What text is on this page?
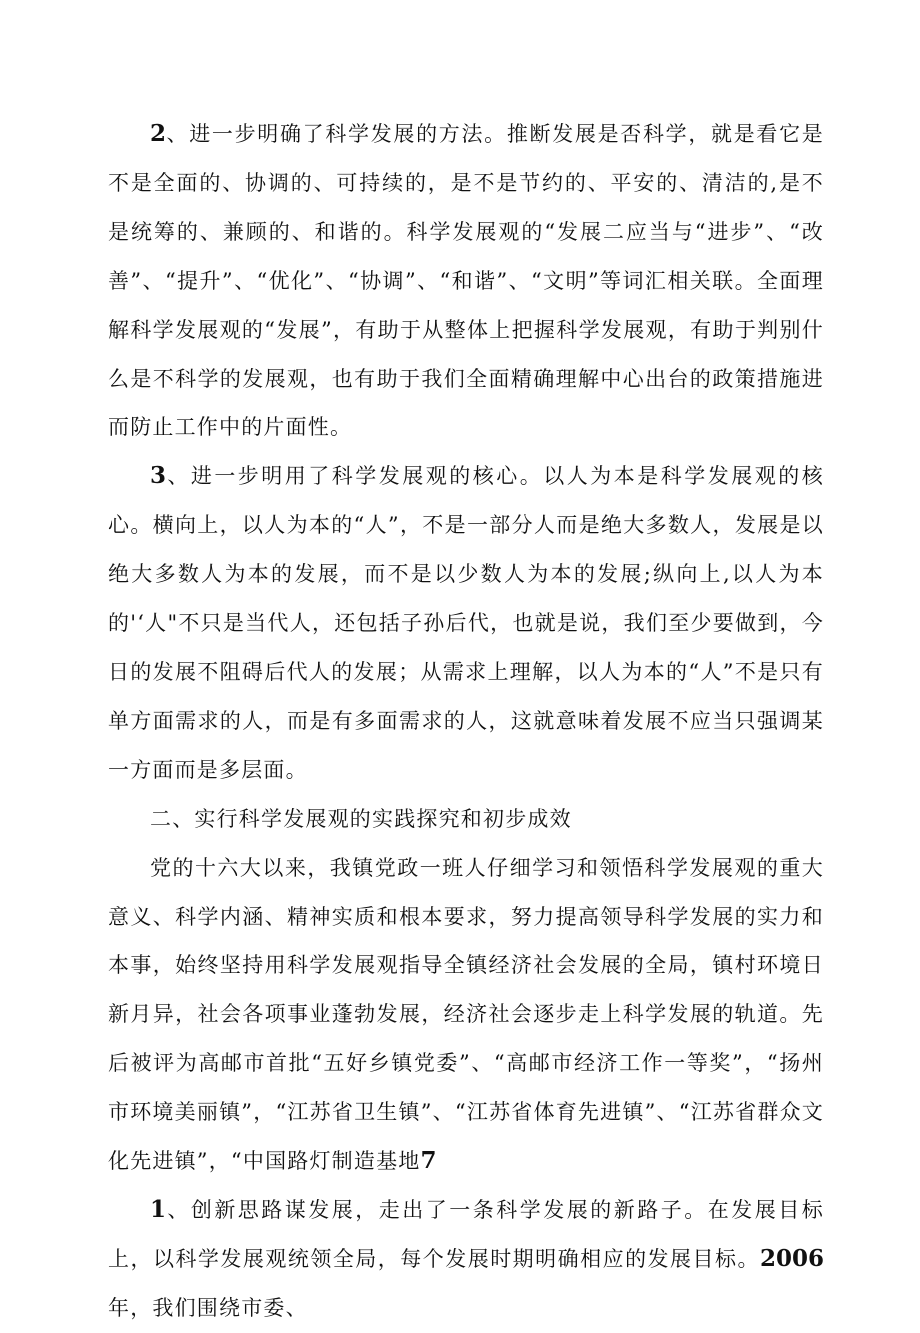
2、进一步明确了科学发展的方法。推断发展是否科学，就是看它是不是全面的、协调的、可持续的，是不是节约的、平安的、清洁的,是不是统筹的、兼顾的、和谐的。科学发展观的“发展二应当与“进步”、“改善”、“提升”、“优化”、“协调”、“和谐”、“文明”等词汇相关联。全面理解科学发展观的“发展”，有助于从整体上把握科学发展观，有助于判别什么是不科学的发展观，也有助于我们全面精确理解中心出台的政策措施进而防止工作中的片面性。

3、进一步明用了科学发展观的核心。以人为本是科学发展观的核心。横向上，以人为本的“人”，不是一部分人而是绝大多数人，发展是以绝大多数人为本的发展，而不是以少数人为本的发展;纵向上,以人为本的'‘人"不只是当代人，还包括子孙后代，也就是说，我们至少要做到，今日的发展不阻碍后代人的发展；从需求上理解，以人为本的“人”不是只有单方面需求的人，而是有多面需求的人，这就意味着发展不应当只强调某一方面而是多层面。

二、实行科学发展观的实践探究和初步成效

党的十六大以来，我镇党政一班人仔细学习和领悟科学发展观的重大意义、科学内涵、精神实质和根本要求，努力提高领导科学发展的实力和本事，始终坚持用科学发展观指导全镇经济社会发展的全局，镇村环境日新月异，社会各项事业蓬勃发展，经济社会逐步走上科学发展的轨道。先后被评为高邮市首批“五好乡镇党委”、“高邮市经济工作一等奖”，“扬州市环境美丽镇”，“江苏省卫生镇”、“江苏省体育先进镇”、“江苏省群众文化先进镇”，“中国路灯制造基地7

1、创新思路谋发展，走出了一条科学发展的新路子。在发展目标上，以科学发展观统领全局，每个发展时期明确相应的发展目标。2006年，我们围绕市委、
